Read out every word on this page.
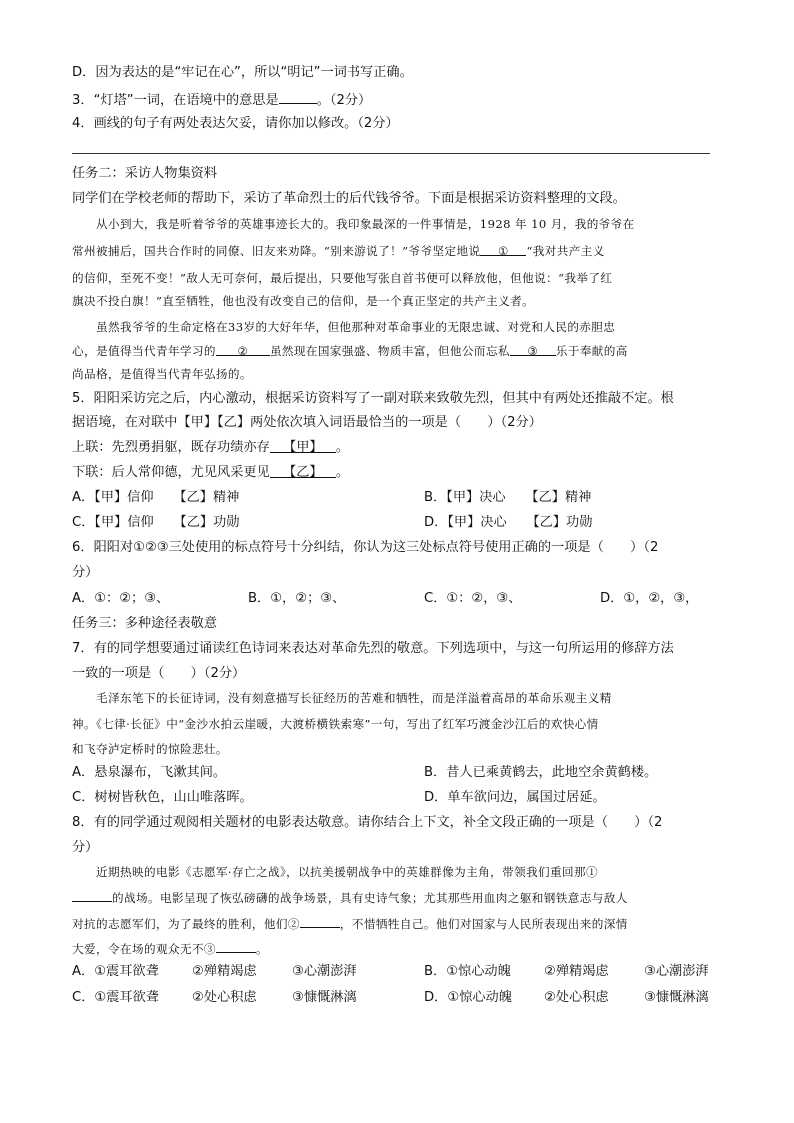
D．因为表达的是“牢记在心”，所以“明记”一词书写正确。
3．“灯塔”一词，在语境中的意思是	。（2分）
4．画线的句子有两处表达欠妥，请你加以修改。（2分）
任务二：采访人物集资料
同学们在学校老师的帮助下，采访了革命烈士的后代钱爷爷。下面是根据采访资料整理的文段。
从小到大，我是听着爷爷的英雄事迹长大的。我印象最深的一件事情是，1928 年 10 月，我的爷爷在
常州被捕后，国共合作时的同僚、旧友来劝降。“别来游说了！”爷爷坚定地说 ① “我对共产主义
的信仰，至死不变！”敌人无可奈何，最后提出，只要他写张自首书便可以释放他，但他说：“我举了红
旗决不投白旗！”直至牺牲，他也没有改变自己的信仰，是一个真正坚定的共产主义者。
虽然我爷爷的生命定格在33岁的大好年华，但他那种对革命事业的无限忠诚、对党和人民的赤胆忠
心，是值得当代青年学习的 ② 虽然现在国家强盛、物质丰富，但他公而忘私 ③ 乐于奉献的高
尚品格，是值得当代青年弘扬的。
5．阳阳采访完之后，内心激动，根据采访资料写了一副对联来致敬先烈，但其中有两处还推敲不定。根
据语境，在对联中【甲】【乙】两处依次填入词语最恰当的一项是（　　）（2分）
上联：先烈勇捐躯，既存功绩亦存 【甲】 。
下联：后人常仰德，尤见风采更见 【乙】 。
A．【甲】信仰　　【乙】精神	B．【甲】决心　　【乙】精神
C．【甲】信仰　　【乙】功勋	D．【甲】决心　　【乙】功勋
6．阳阳对①②③三处使用的标点符号十分纠结，你认为这三处标点符号使用正确的一项是（　　）（2
分）
A．①：②；③、	B．①，②；③、	C．①：②，③、	D．①，②，③，
任务三：多种途径表敬意
7．有的同学想要通过诵读红色诗词来表达对革命先烈的敬意。下列选项中，与这一句所运用的修辞方法
一致的一项是（　　）（2分）
毛泽东笔下的长征诗词，没有刻意描写长征经历的苦难和牺牲，而是洋溢着高昂的革命乐观主义精
神。《七律·长征》中“金沙水拍云崖暖，大渡桥横铁索寒”一句，写出了红军巧渡金沙江后的欢快心情
和飞夺泸定桥时的惊险悲壮。
A．悬泉瀑布，飞漱其间。	B．昔人已乘黄鹤去，此地空余黄鹤楼。
C．树树皆秋色，山山唯落晖。	D．单车欲问边，属国过居延。
8．有的同学通过观阅相关题材的电影表达敬意。请你结合上下文，补全文段正确的一项是（　　）（2
分）
近期热映的电影《志愿军·存亡之战》，以抗美援朝战争中的英雄群像为主角，带领我们重回那①
的战场。电影呈现了恢弘磅礴的战争场景，具有史诗气象；尤其那些用血肉之躯和钢铁意志与敌人
对抗的志愿军们，为了最终的胜利，他们②	，不惜牺牲自己。他们对国家与人民所表现出来的深情
大爱，令在场的观众无不③	。
A．①震耳欲聋	②殚精竭虑	③心潮澎湃	B．①惊心动魄	②殚精竭虑	③心潮澎湃
C．①震耳欲聋	②处心积虑	③慷慨淋漓	D．①惊心动魄 ②处心积虑	③慷慨淋漓
